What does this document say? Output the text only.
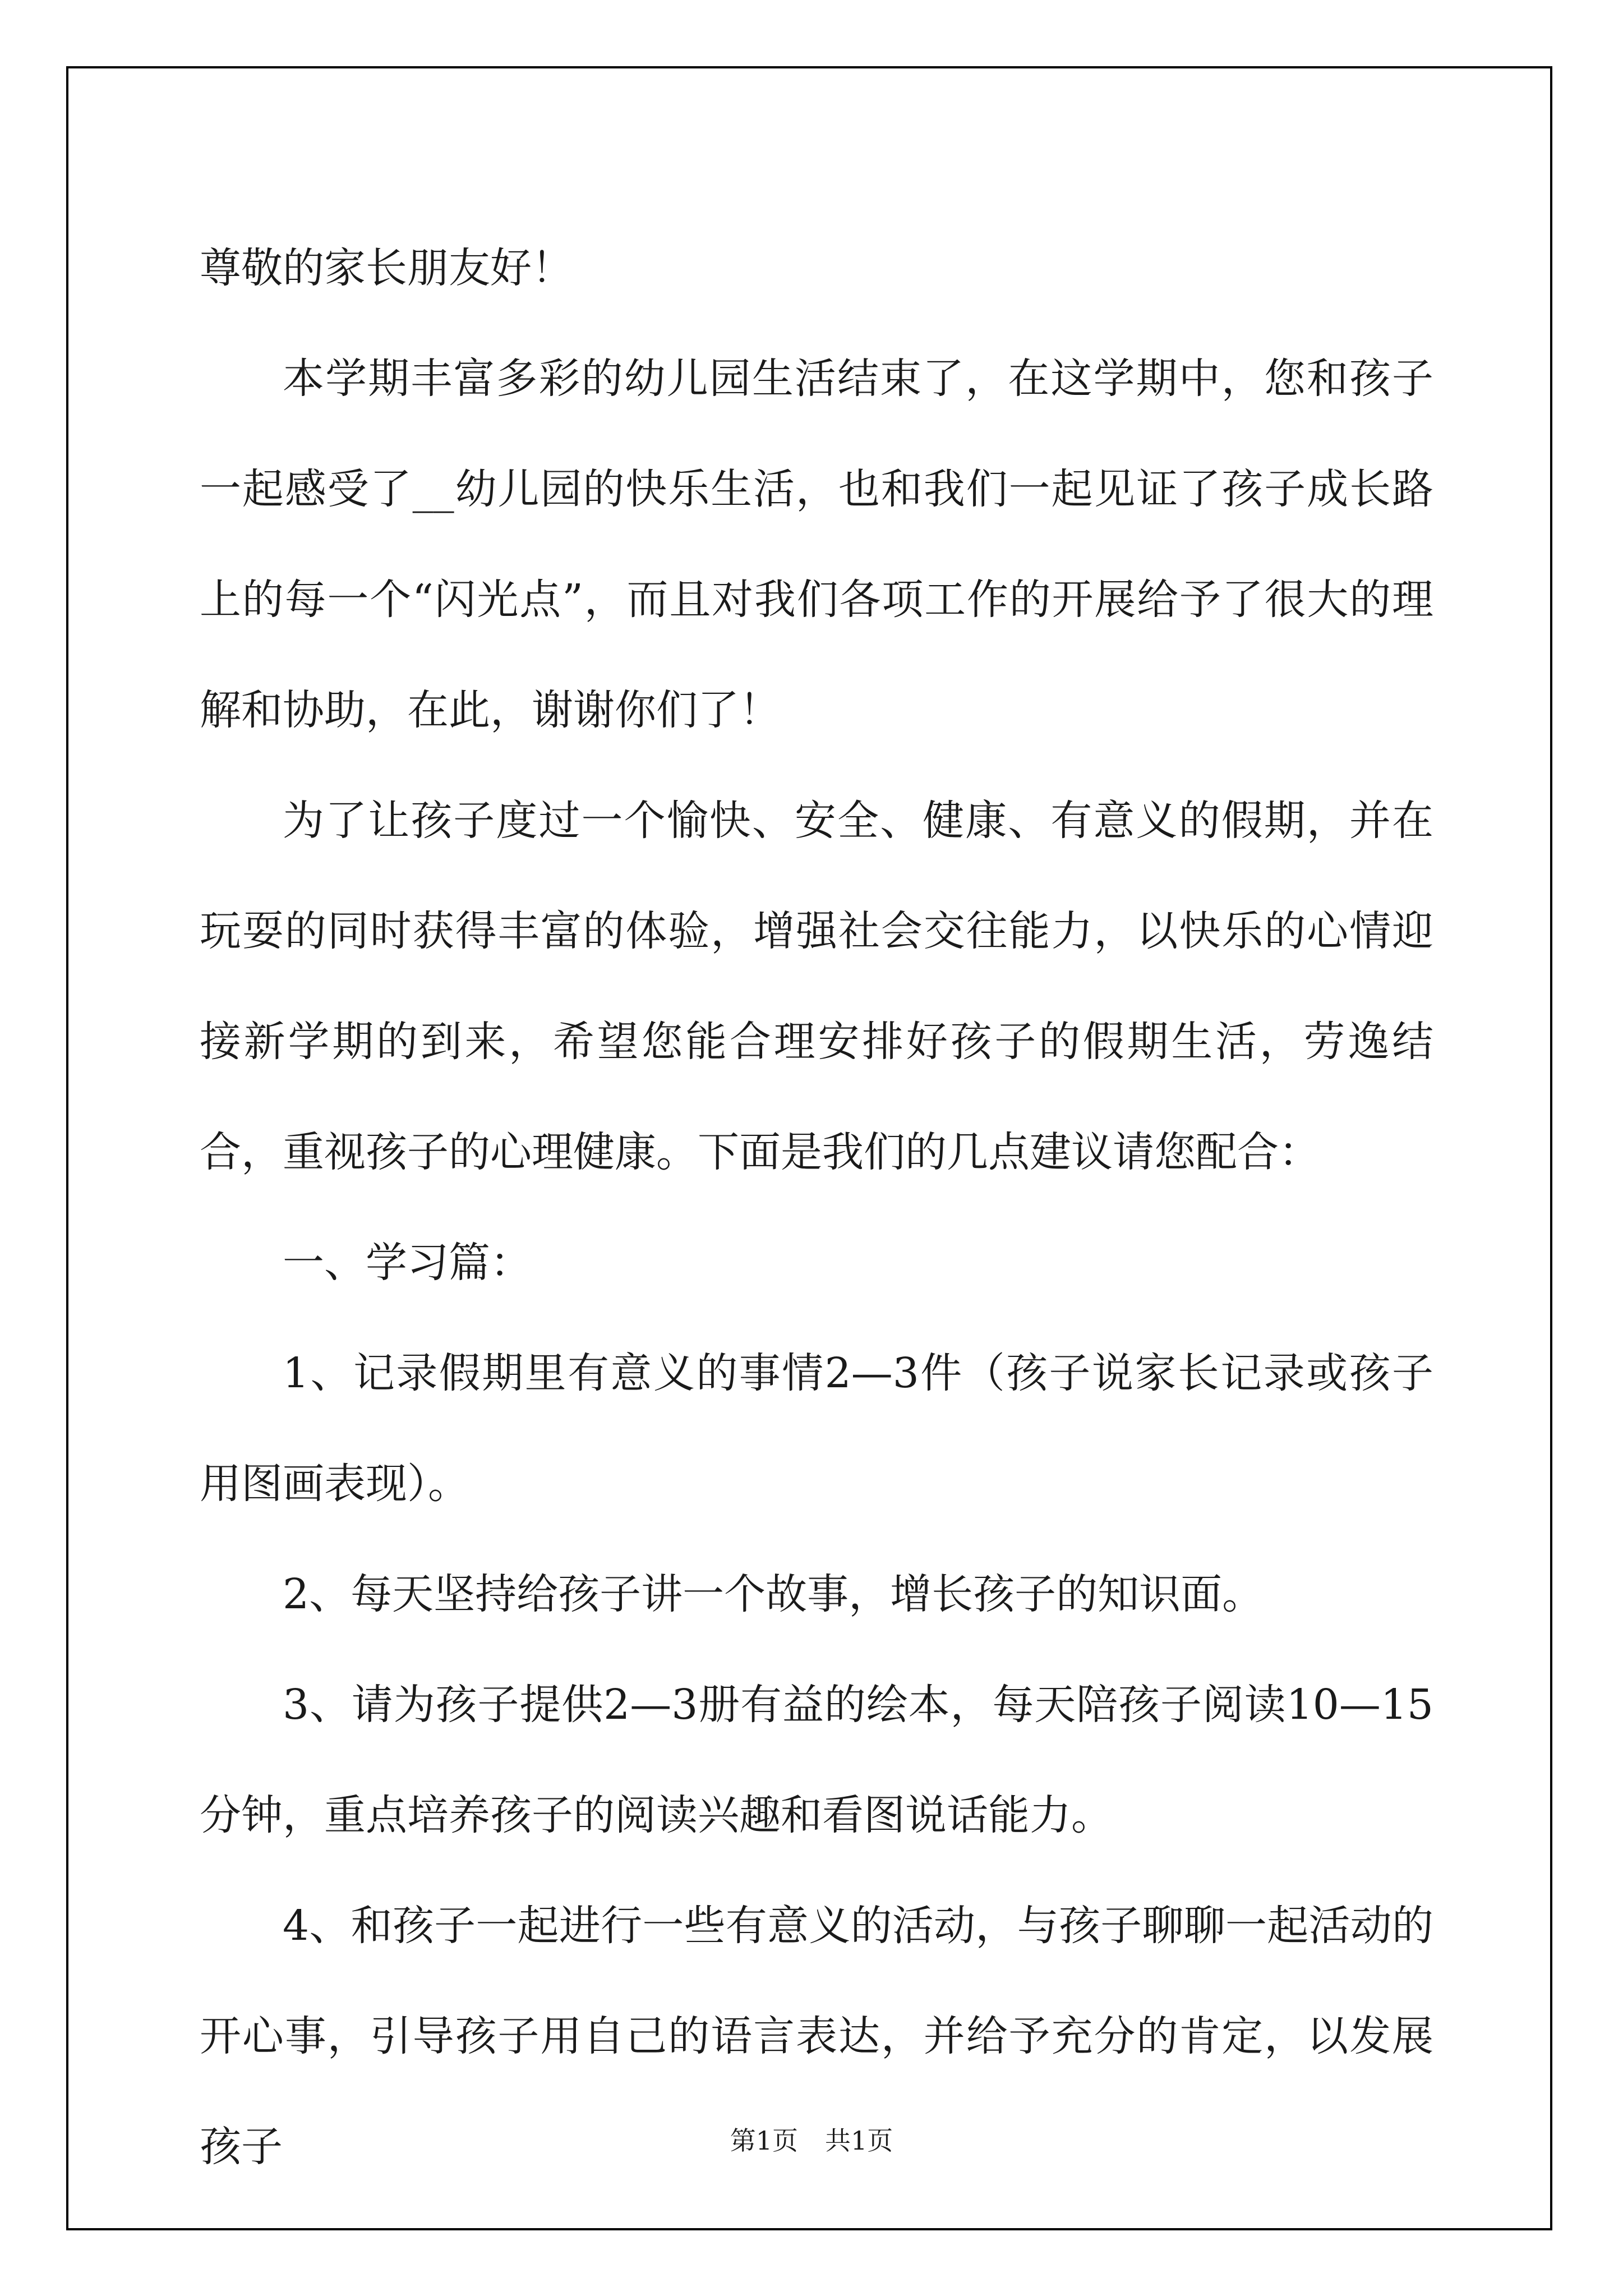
尊敬的家长朋友好！

本学期丰富多彩的幼儿园生活结束了，在这学期中，您和孩子一起感受了__幼儿园的快乐生活，也和我们一起见证了孩子成长路上的每一个“闪光点”，而且对我们各项工作的开展给予了很大的理解和协助，在此，谢谢你们了！

为了让孩子度过一个愉快、安全、健康、有意义的假期，并在玩耍的同时获得丰富的体验，增强社会交往能力，以快乐的心情迎接新学期的到来，希望您能合理安排好孩子的假期生活，劳逸结合，重视孩子的心理健康。下面是我们的几点建议请您配合：

一、学习篇：

1、记录假期里有意义的事情2—3件（孩子说家长记录或孩子用图画表现）。

2、每天坚持给孩子讲一个故事，增长孩子的知识面。

3、请为孩子提供2—3册有益的绘本，每天陪孩子阅读10—15分钟，重点培养孩子的阅读兴趣和看图说话能力。

4、和孩子一起进行一些有意义的活动，与孩子聊聊一起活动的开心事，引导孩子用自己的语言表达，并给予充分的肯定，以发展孩子	第1页 共1页
